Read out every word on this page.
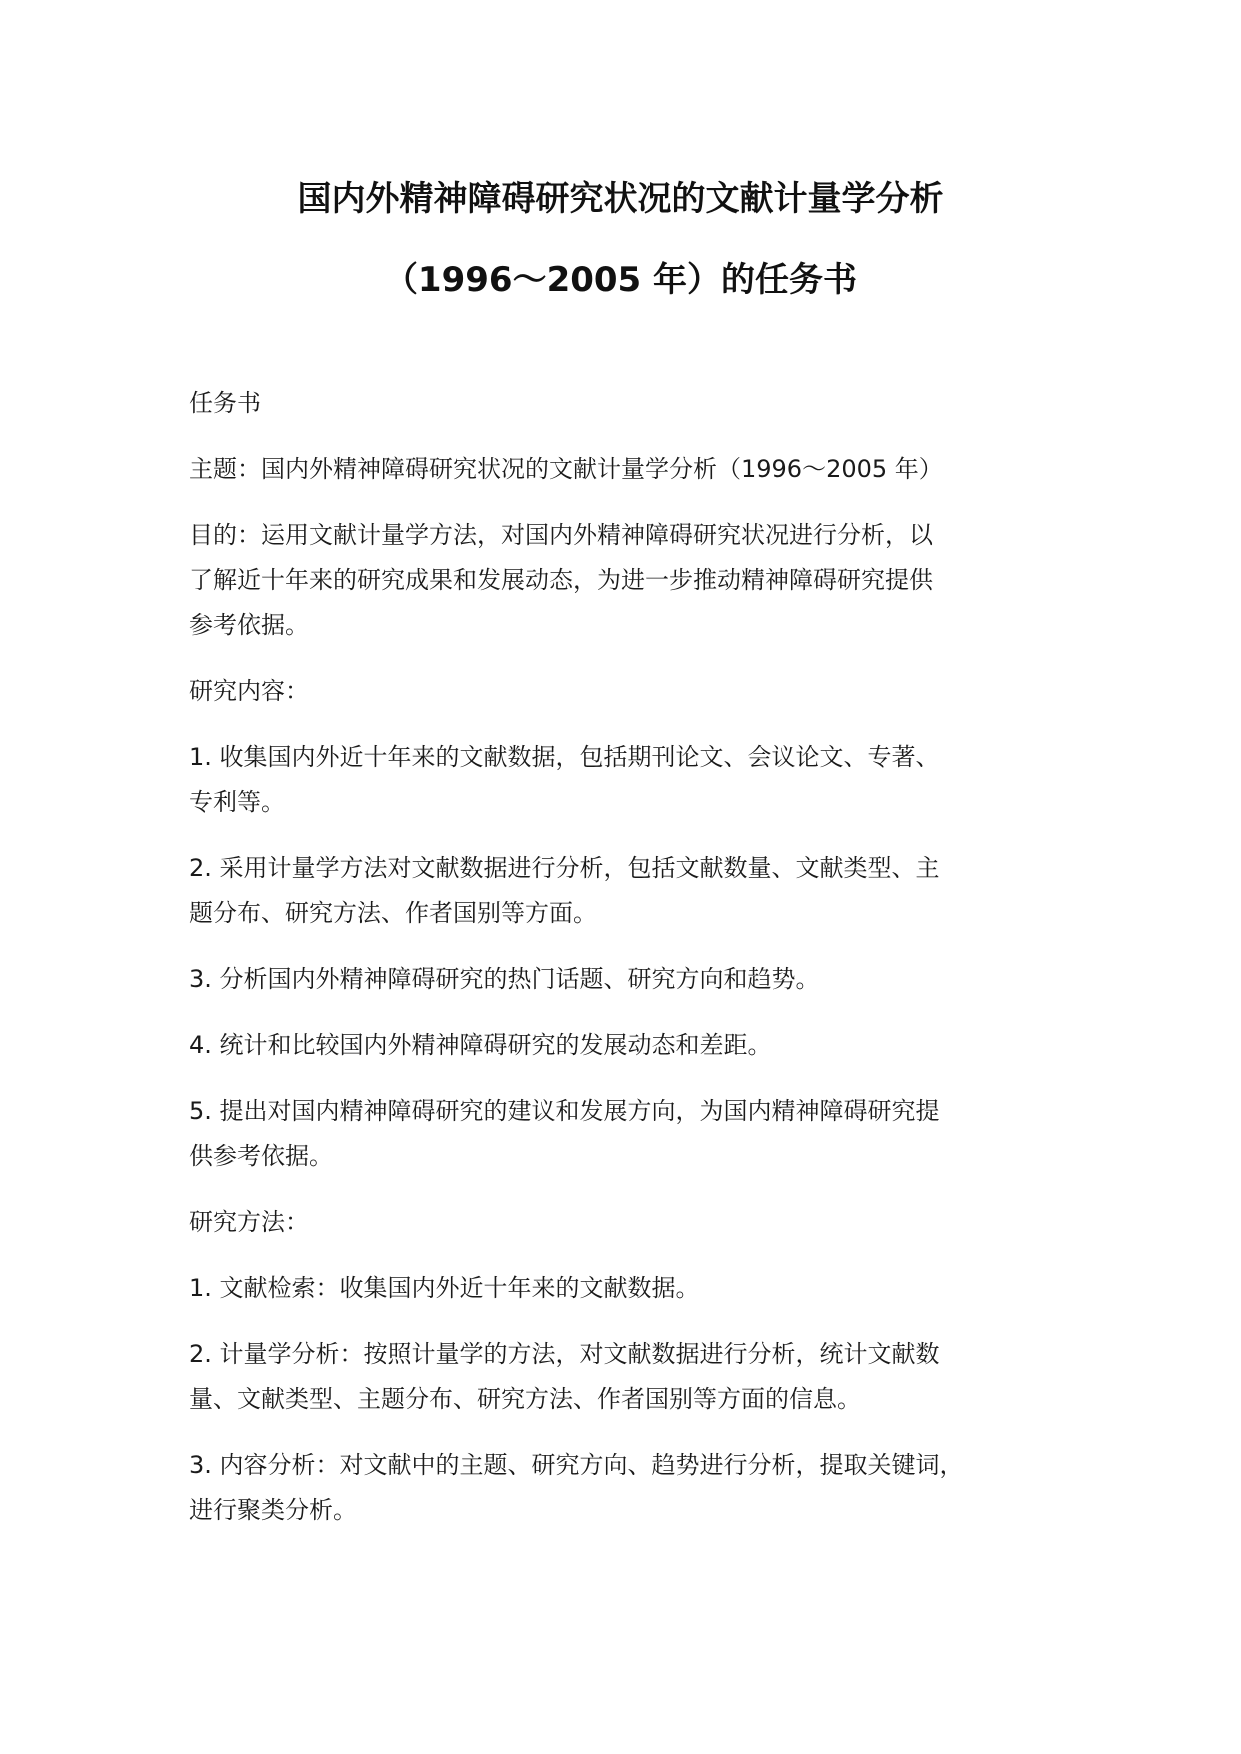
国内外精神障碍研究状况的文献计量学分析
（1996～2005 年）的任务书

任务书

主题：国内外精神障碍研究状况的文献计量学分析（1996～2005 年）

目的：运用文献计量学方法，对国内外精神障碍研究状况进行分析，以
了解近十年来的研究成果和发展动态，为进一步推动精神障碍研究提供
参考依据。

研究内容：

1. 收集国内外近十年来的文献数据，包括期刊论文、会议论文、专著、
专利等。

2. 采用计量学方法对文献数据进行分析，包括文献数量、文献类型、主
题分布、研究方法、作者国别等方面。

3. 分析国内外精神障碍研究的热门话题、研究方向和趋势。

4. 统计和比较国内外精神障碍研究的发展动态和差距。

5. 提出对国内精神障碍研究的建议和发展方向，为国内精神障碍研究提
供参考依据。

研究方法：

1. 文献检索：收集国内外近十年来的文献数据。

2. 计量学分析：按照计量学的方法，对文献数据进行分析，统计文献数
量、文献类型、主题分布、研究方法、作者国别等方面的信息。

3. 内容分析：对文献中的主题、研究方向、趋势进行分析，提取关键词，
进行聚类分析。
